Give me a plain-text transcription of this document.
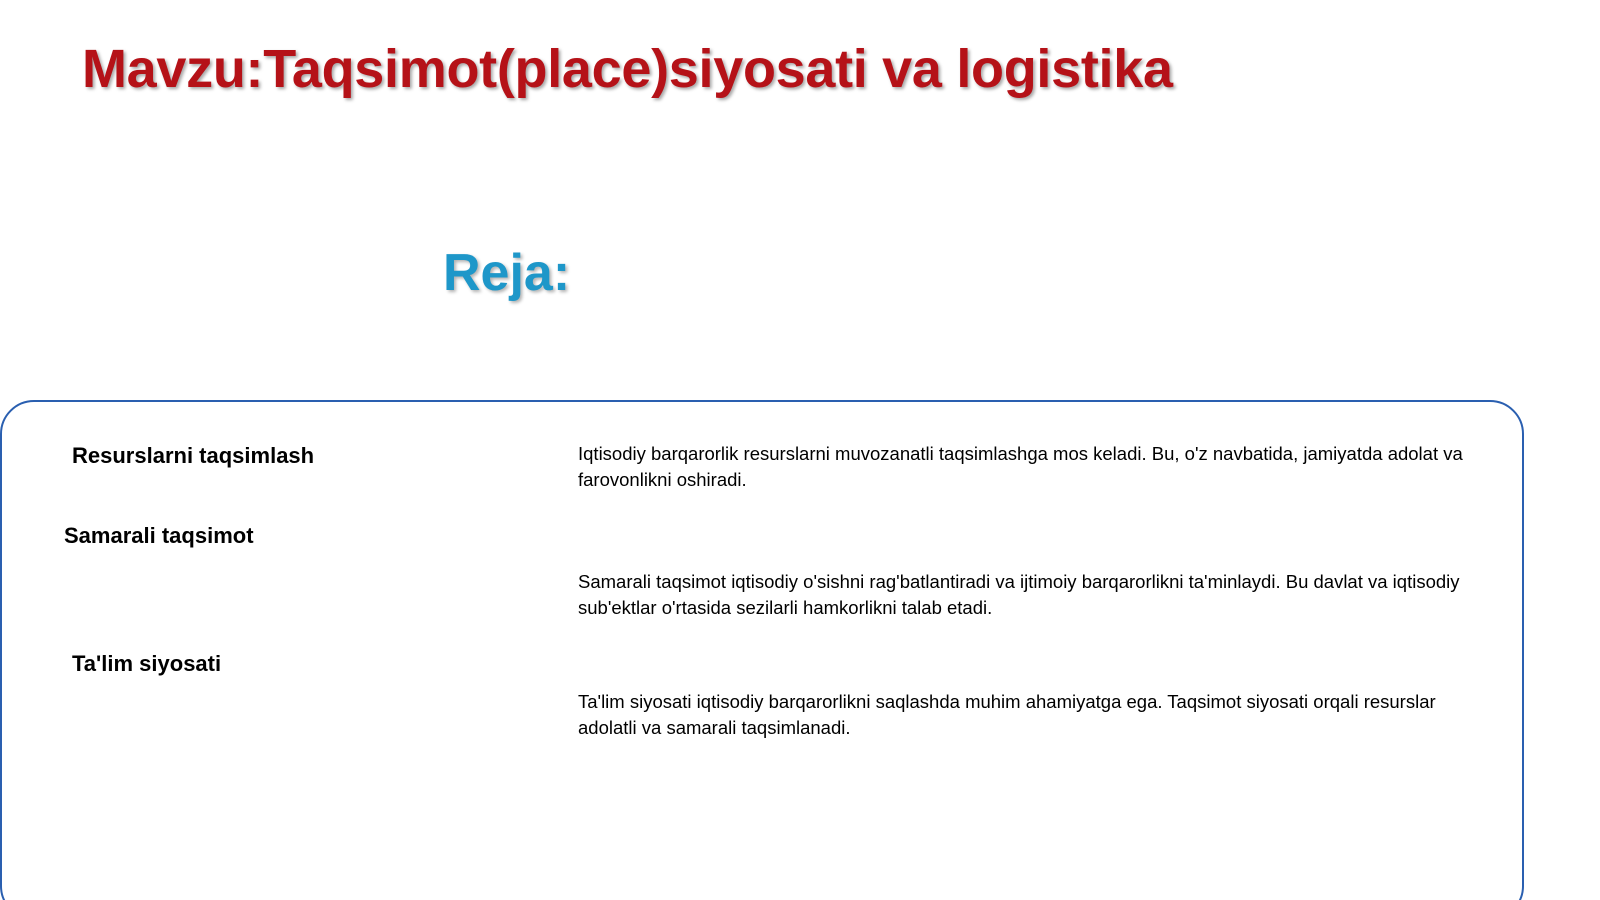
Mavzu:Taqsimot(place)siyosati va logistika
Reja:
Resurslarni taqsimlash	Iqtisodiy barqarorlik resurslarni muvozanatli taqsimlashga mos keladi. Bu, o'z navbatida, jamiyatda adolat va farovonlikni oshiradi.

Samarali taqsimot

Samarali taqsimot iqtisodiy o'sishni rag'batlantiradi va ijtimoiy barqarorlikni ta'minlaydi. Bu davlat va iqtisodiy sub'ektlar o'rtasida sezilarli hamkorlikni talab etadi.

Ta'lim siyosati

Ta'lim siyosati iqtisodiy barqarorlikni saqlashda muhim ahamiyatga ega. Taqsimot siyosati orqali resurslar adolatli va samarali taqsimlanadi.
